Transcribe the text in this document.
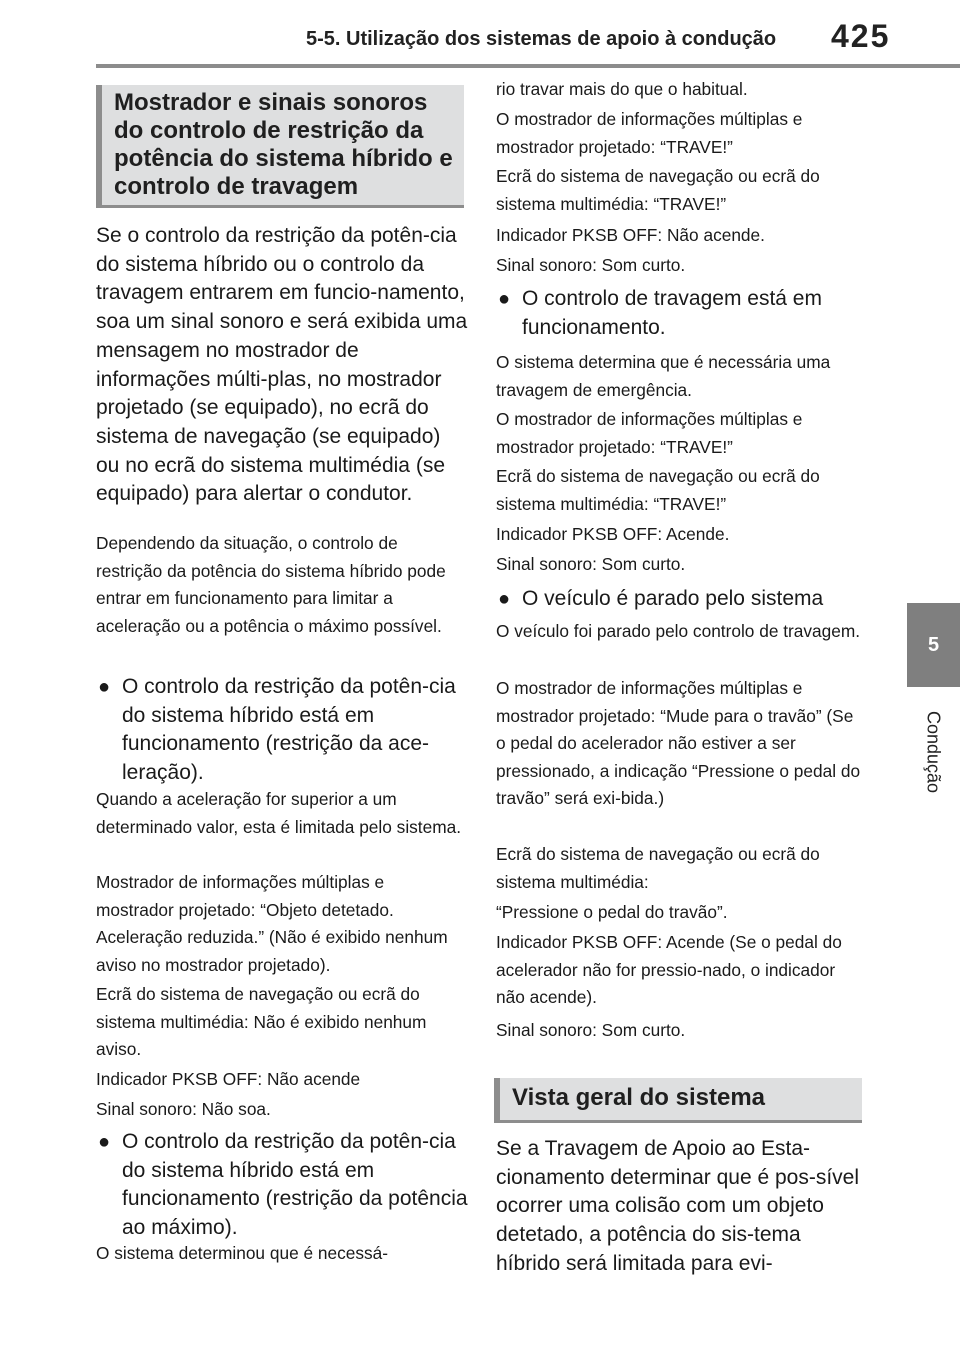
5-5. Utilização dos sistemas de apoio à condução 425
5
Condução
Mostrador e sinais sonoros do controlo de restrição da potência do sistema híbrido e controlo de travagem
Se o controlo da restrição da potên-cia do sistema híbrido ou o controlo da travagem entrarem em funcio-namento, soa um sinal sonoro e será exibida uma mensagem no mostrador de informações múlti-plas, no mostrador projetado (se equipado), no ecrã do sistema de navegação (se equipado) ou no ecrã do sistema multimédia (se equipado) para alertar o condutor.
Dependendo da situação, o controlo de restrição da potência do sistema híbrido pode entrar em funcionamento para limitar a aceleração ou a potência o máximo possível.
● O controlo da restrição da potên-cia do sistema híbrido está em funcionamento (restrição da ace-leração).
Quando a aceleração for superior a um determinado valor, esta é limitada pelo sistema.
Mostrador de informações múltiplas e mostrador projetado: “Objeto detetado. Aceleração reduzida.” (Não é exibido nenhum aviso no mostrador projetado).
Ecrã do sistema de navegação ou ecrã do sistema multimédia: Não é exibido nenhum aviso.
Indicador PKSB OFF: Não acende
Sinal sonoro: Não soa.
● O controlo da restrição da potên-cia do sistema híbrido está em funcionamento (restrição da potência ao máximo).
O sistema determinou que é necessá-
rio travar mais do que o habitual.
O mostrador de informações múltiplas e mostrador projetado: “TRAVE!”
Ecrã do sistema de navegação ou ecrã do sistema multimédia: “TRAVE!”
Indicador PKSB OFF: Não acende.
Sinal sonoro: Som curto.
● O controlo de travagem está em funcionamento.
O sistema determina que é necessária uma travagem de emergência.
O mostrador de informações múltiplas e mostrador projetado: “TRAVE!”
Ecrã do sistema de navegação ou ecrã do sistema multimédia: “TRAVE!”
Indicador PKSB OFF: Acende.
Sinal sonoro: Som curto.
● O veículo é parado pelo sistema
O veículo foi parado pelo controlo de travagem.
O mostrador de informações múltiplas e mostrador projetado: “Mude para o travão” (Se o pedal do acelerador não estiver a ser pressionado, a indicação “Pressione o pedal do travão” será exi-bida.)
Ecrã do sistema de navegação ou ecrã do sistema multimédia:
“Pressione o pedal do travão”.
Indicador PKSB OFF: Acende (Se o pedal do acelerador não for pressio-nado, o indicador não acende).
Sinal sonoro: Som curto.
Vista geral do sistema
Se a Travagem de Apoio ao Esta-cionamento determinar que é pos-sível ocorrer uma colisão com um objeto detetado, a potência do sis-tema híbrido será limitada para evi-
